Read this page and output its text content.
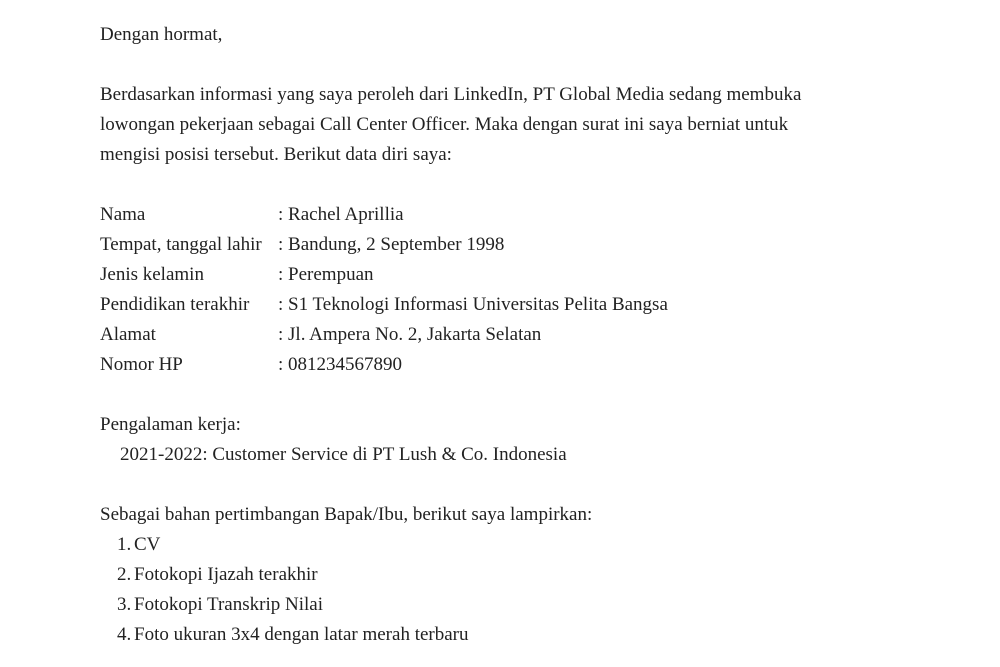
Dengan hormat,
Berdasarkan informasi yang saya peroleh dari LinkedIn, PT Global Media sedang membuka
lowongan pekerjaan sebagai Call Center Officer. Maka dengan surat ini saya berniat untuk
mengisi posisi tersebut. Berikut data diri saya:
Nama	: Rachel Aprillia
Tempat, tanggal lahir : Bandung, 2 September 1998
Jenis kelamin	: Perempuan
Pendidikan terakhir	: S1 Teknologi Informasi Universitas Pelita Bangsa
Alamat	: Jl. Ampera No. 2, Jakarta Selatan
Nomor HP	: 081234567890
Pengalaman kerja:
2021-2022: Customer Service di PT Lush & Co. Indonesia
Sebagai bahan pertimbangan Bapak/Ibu, berikut saya lampirkan:
1. CV
2. Fotokopi Ijazah terakhir
3. Fotokopi Transkrip Nilai
4. Foto ukuran 3x4 dengan latar merah terbaru
